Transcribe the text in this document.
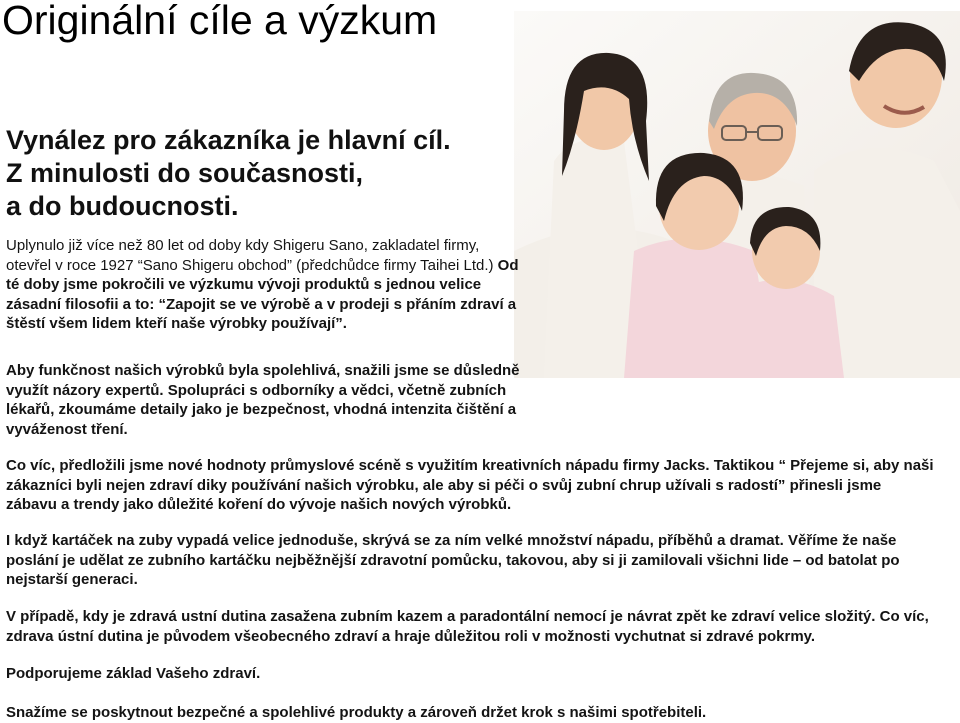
Originální cíle a výzkum
Vynález pro zákazníka je hlavní cíl.
Z minulosti do současnosti,
a do budoucnosti.

Uplynulo již více než 80 let od doby kdy Shigeru Sano, zakladatel firmy, otevřel v roce 1927 “Sano Shigeru obchod” (předchůdce firmy Taihei Ltd.) Od té doby jsme pokročili ve výzkumu vývoji produktů s jednou velice zásadní filosofii a to: “Zapojit se ve výrobě a v prodeji s přáním zdraví a štěstí všem lidem kteří naše výrobky používají”.

Aby funkčnost našich výrobků byla spolehlivá, snažili jsme se důsledně využít názory expertů. Spolupráci s odborníky a vědci, včetně zubních lékařů, zkoumáme detaily jako je bezpečnost, vhodná intenzita čištění a vyváženost tření.

Co víc, předložili jsme nové hodnoty průmyslové scéně s využitím kreativních nápadu firmy Jacks. Taktikou “ Přejeme si, aby naši zákazníci byli nejen zdraví diky používání našich výrobku, ale aby si péči o svůj zubní chrup užívali s radostí” přinesli jsme zábavu a trendy jako důležité koření do vývoje našich nových výrobků.

I když kartáček na zuby vypadá velice jednoduše, skrývá se za ním velké množství nápadu, příběhů a dramat. Věříme že naše poslání je udělat ze zubního kartáčku nejběžnější zdravotní pomůcku, takovou, aby si ji zamilovali všichni lide – od batolat po nejstarší generaci.

V případě, kdy je zdravá ustní dutina zasažena zubním kazem a paradontální nemocí je návrat zpět ke zdraví velice složitý. Co víc, zdrava ústní dutina je původem všeobecného zdraví a hraje důležitou roli v možnosti vychutnat si zdravé pokrmy.

Podporujeme základ Vašeho zdraví.

Snažíme se poskytnout bezpečné a spolehlivé produkty a zároveň držet krok s našimi spotřebiteli.
